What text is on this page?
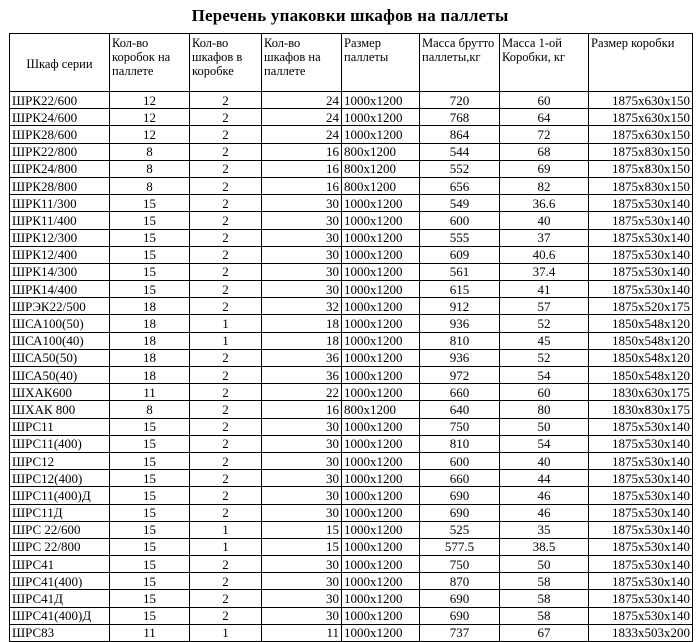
Перечень упаковки шкафов на паллеты
Шкаф серии	Кол-во коробок на паллете	Кол-во шкафов в коробке	Кол-во шкафов на паллете	Размер паллеты	Масса брутто паллеты,кг	Масса 1-ой Коробки, кг	Размер коробки
ШРК22/600	12	2	24	1000x1200	720	60	1875x630x150
ШРК24/600	12	2	24	1000x1200	768	64	1875x630x150
ШРК28/600	12	2	24	1000x1200	864	72	1875x630x150
ШРК22/800	8	2	16	800x1200	544	68	1875x830x150
ШРК24/800	8	2	16	800x1200	552	69	1875x830x150
ШРК28/800	8	2	16	800x1200	656	82	1875x830x150
ШРК11/300	15	2	30	1000x1200	549	36.6	1875x530x140
ШРК11/400	15	2	30	1000x1200	600	40	1875x530x140
ШРК12/300	15	2	30	1000x1200	555	37	1875x530x140
ШРК12/400	15	2	30	1000x1200	609	40.6	1875x530x140
ШРК14/300	15	2	30	1000x1200	561	37.4	1875x530x140
ШРК14/400	15	2	30	1000x1200	615	41	1875x530x140
ШРЭК22/500	18	2	32	1000x1200	912	57	1875x520x175
ШСА100(50)	18	1	18	1000x1200	936	52	1850x548x120
ШСА100(40)	18	1	18	1000x1200	810	45	1850x548x120
ШСА50(50)	18	2	36	1000x1200	936	52	1850x548x120
ШСА50(40)	18	2	36	1000x1200	972	54	1850x548x120
ШХАК600	11	2	22	1000x1200	660	60	1830x630x175
ШХАК 800	8	2	16	800x1200	640	80	1830x830x175
ШРС11	15	2	30	1000x1200	750	50	1875x530x140
ШРС11(400)	15	2	30	1000x1200	810	54	1875x530x140
ШРС12	15	2	30	1000x1200	600	40	1875x530x140
ШРС12(400)	15	2	30	1000x1200	660	44	1875x530x140
ШРС11(400)Д	15	2	30	1000x1200	690	46	1875x530x140
ШРС11Д	15	2	30	1000x1200	690	46	1875x530x140
ШРС 22/600	15	1	15	1000x1200	525	35	1875x530x140
ШРС 22/800	15	1	15	1000x1200	577.5	38.5	1875x530x140
ШРС41	15	2	30	1000x1200	750	50	1875x530x140
ШРС41(400)	15	2	30	1000x1200	870	58	1875x530x140
ШРС41Д	15	2	30	1000x1200	690	58	1875x530x140
ШРС41(400)Д	15	2	30	1000x1200	690	58	1875x530x140
ШРС83	11	1	11	1000x1200	737	67	1833x503x200
